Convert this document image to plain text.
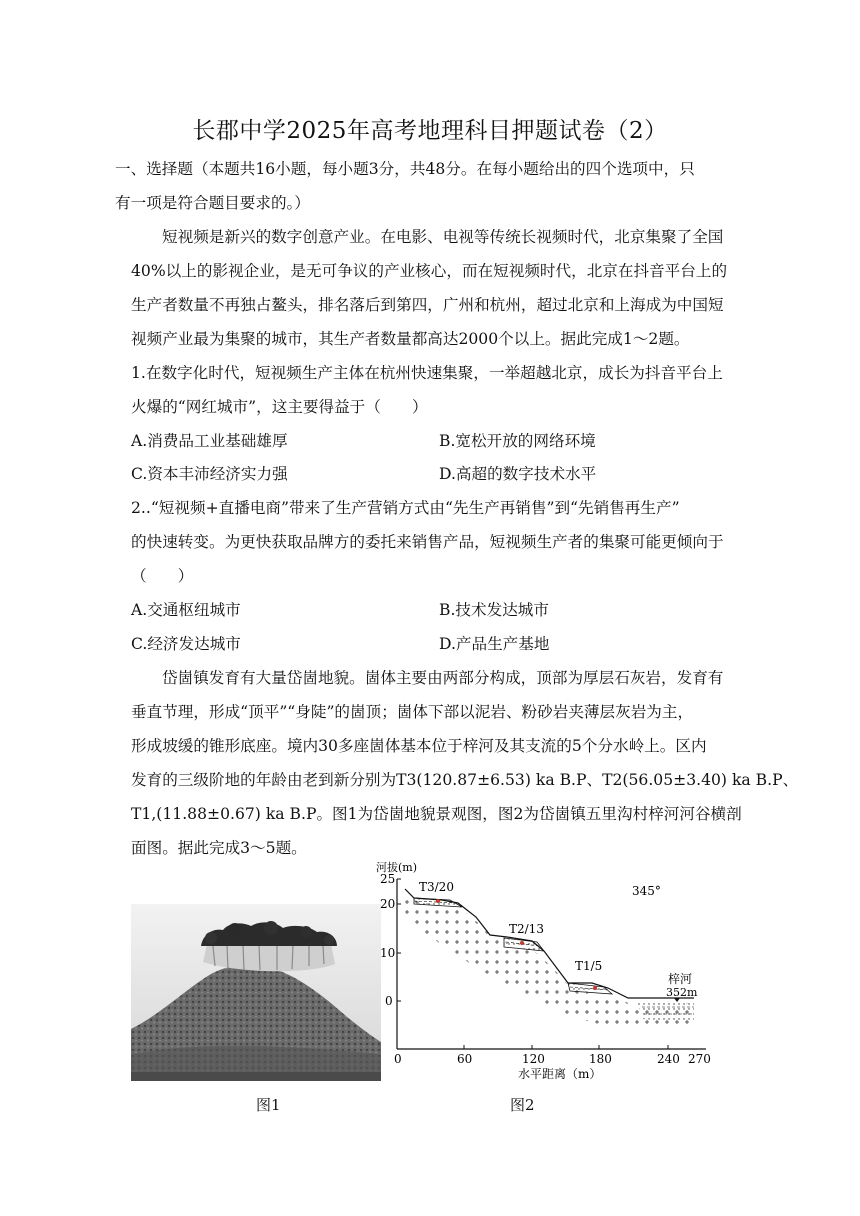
长郡中学2025年高考地理科目押题试卷（2）
一、选择题（本题共16小题，每小题3分，共48分。在每小题给出的四个选项中，只
有一项是符合题目要求的。）
短视频是新兴的数字创意产业。在电影、电视等传统长视频时代，北京集聚了全国
40%以上的影视企业，是无可争议的产业核心，而在短视频时代，北京在抖音平台上的
生产者数量不再独占鳌头，排名落后到第四，广州和杭州，超过北京和上海成为中国短
视频产业最为集聚的城市，其生产者数量都高达2000个以上。据此完成1～2题。
1.在数字化时代，短视频生产主体在杭州快速集聚，一举超越北京，成长为抖音平台上
火爆的“网红城市”，这主要得益于（　　）
A.消费品工业基础雄厚	B.宽松开放的网络环境
C.资本丰沛经济实力强	D.高超的数字技术水平
2..“短视频+直播电商”带来了生产营销方式由“先生产再销售”到“先销售再生产”
的快速转变。为更快获取品牌方的委托来销售产品，短视频生产者的集聚可能更倾向于
（　　）
A.交通枢纽城市	B.技术发达城市
C.经济发达城市	D.产品生产基地
岱崮镇发育有大量岱崮地貌。崮体主要由两部分构成，顶部为厚层石灰岩，发育有
垂直节理，形成“顶平”“身陡”的崮顶；崮体下部以泥岩、粉砂岩夹薄层灰岩为主，
形成坡缓的锥形底座。境内30多座崮体基本位于梓河及其支流的5个分水岭上。区内
发育的三级阶地的年龄由老到新分别为T3(120.87±6.53) ka B.P、T2(56.05±3.40) ka B.P、
T1,(11.88±0.67) ka B.P。图1为岱崮地貌景观图，图2为岱崮镇五里沟村梓河河谷横剖
面图。据此完成3～5题。
河拔(m)
25
20
10
0
0	60	120	180	240 270
水平距离（m）
345°
T3/20
T2/13
T1/5
梓河
352m
图1	图2
